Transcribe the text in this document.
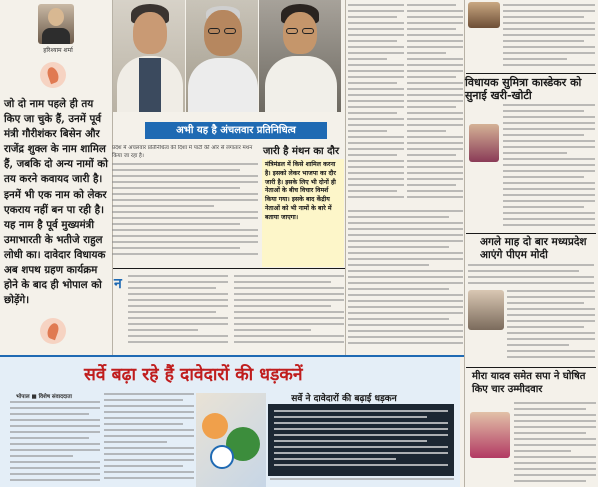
हरिश्याम शर्मा
जो दो नाम पहले ही तय किए जा चुके हैं, उनमें पूर्व मंत्री गौरीशंकर बिसेन और राजेंद्र शुक्ल के नाम शामिल हैं, जबकि दो अन्य नामों को तय करने कवायद जारी है। इनमें भी एक नाम को लेकर एकराय नहीं बन पा रही है। यह नाम है पूर्व मुख्यमंत्री उमाभारती के भतीजे राहुल लोधी का। दावेदार विधायक अब शपथ ग्रहण कार्यक्रम होने के बाद ही भोपाल को छोड़ेंगे।
अभी यह है अंचलवार प्रतिनिधित्व
प्रदेश में अंचलवार प्रतिनिधित्व की दिशा में पार्टी की ओर से लगातार मंथन किया जा रहा है।	जारी है मंथन का दौर
मंत्रिमंडल में किसे शामिल करना है। इसको लेकर भाजपा का दौर जारी है। इसके लिए भी दोनों ही नेताओं के बीच विचार विमर्श किया गया। इसके बाद केंद्रीय नेताओं को भी नामों के बारे में बताया जाएगा।
न
विधायक सुमित्रा कास्डेकर को सुनाई खरी-खोटी
अगले माह दो बार मध्यप्रदेश आएंगे पीएम मोदी
मीरा यादव समेत सपा ने घोषित किए चार उम्मीदवार
सर्वे बढ़ा रहे हैं दावेदारों की धड़कनें
भोपाल ■ विशेष संवाददाता	सर्वे ने दावेदारों की बढ़ाई धड़कन
